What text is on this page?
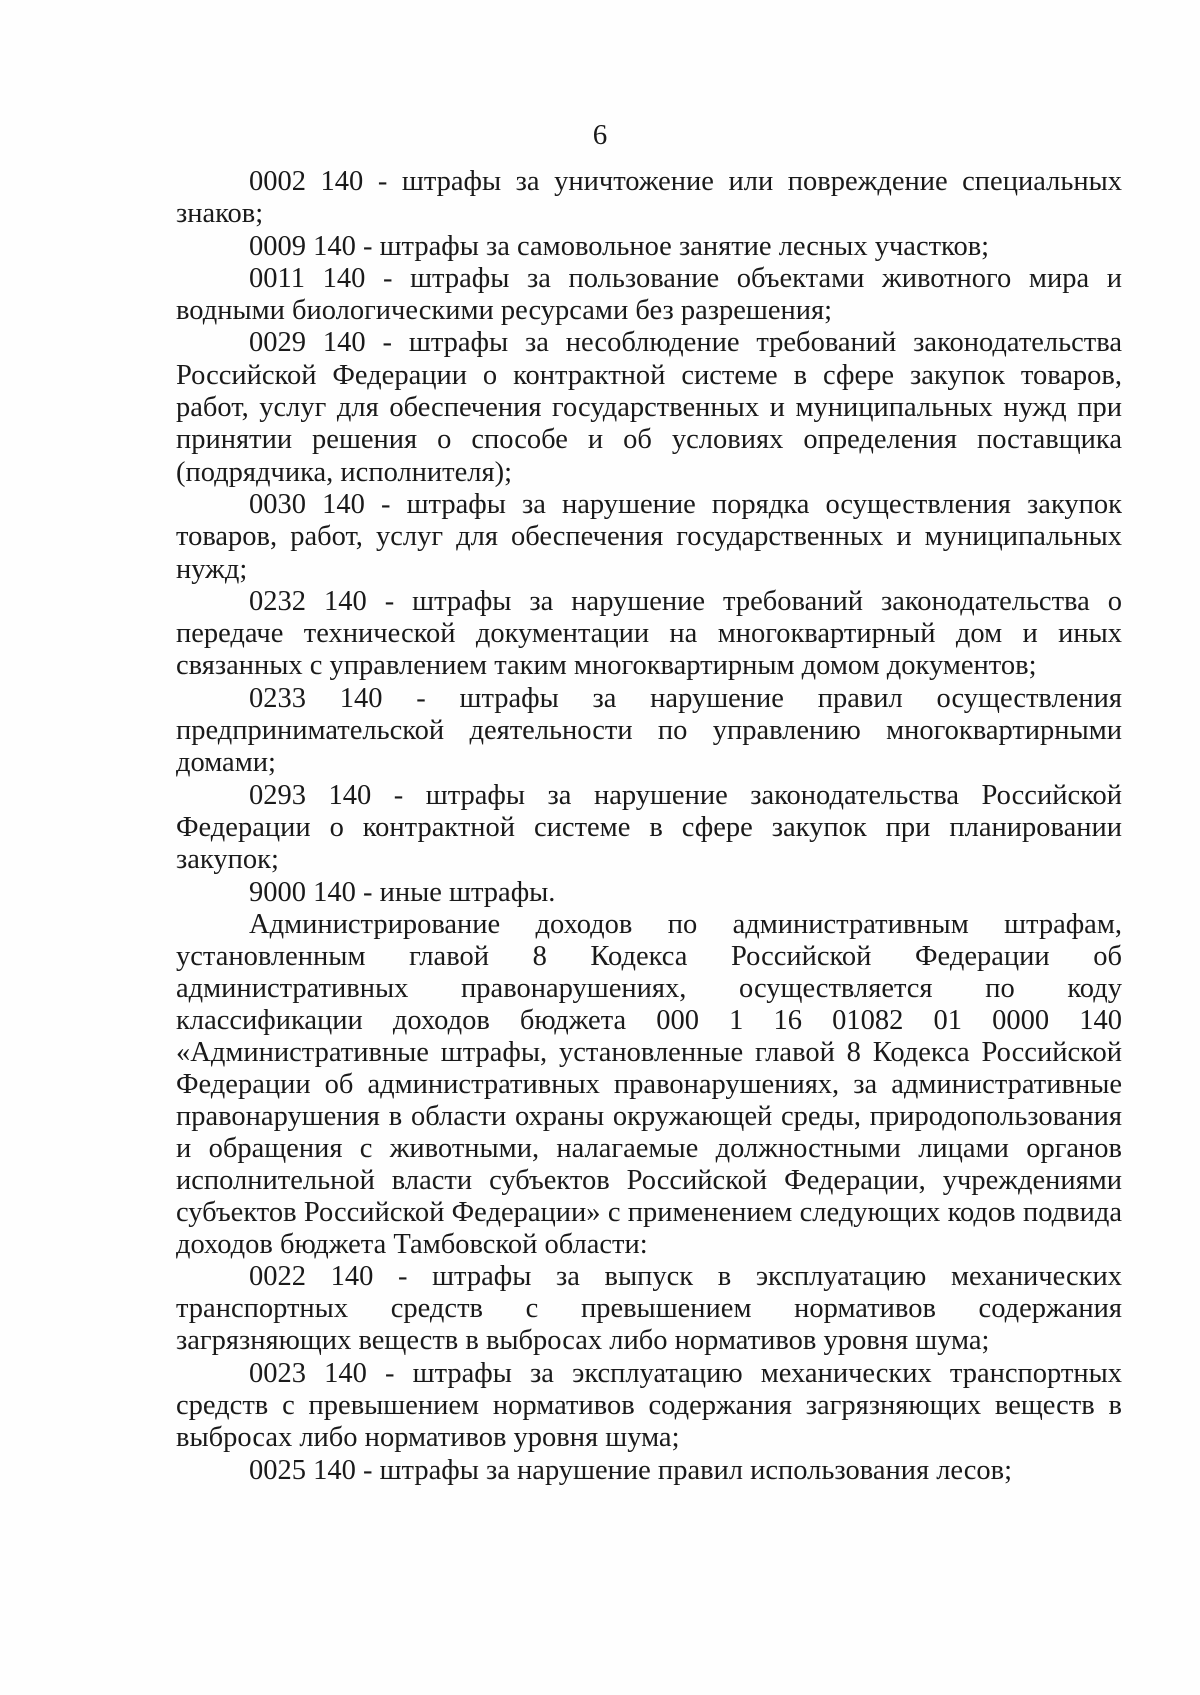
6

0002 140 - штрафы за уничтожение или повреждение специальных знаков;

0009 140 - штрафы за самовольное занятие лесных участков;

0011 140 - штрафы за пользование объектами животного мира и водными биологическими ресурсами без разрешения;

0029 140 - штрафы за несоблюдение требований законодательства Российской Федерации о контрактной системе в сфере закупок товаров, работ, услуг для обеспечения государственных и муниципальных нужд при принятии решения о способе и об условиях определения поставщика (подрядчика, исполнителя);

0030 140 - штрафы за нарушение порядка осуществления закупок товаров, работ, услуг для обеспечения государственных и муниципальных нужд;

0232 140 - штрафы за нарушение требований законодательства о передаче технической документации на многоквартирный дом и иных связанных с управлением таким многоквартирным домом документов;

0233 140 - штрафы за нарушение правил осуществления предпринимательской деятельности по управлению многоквартирными домами;

0293 140 - штрафы за нарушение законодательства Российской Федерации о контрактной системе в сфере закупок при планировании закупок;

9000 140 - иные штрафы.

Администрирование доходов по административным штрафам, установленным главой 8 Кодекса Российской Федерации об административных правонарушениях, осуществляется по коду классификации доходов бюджета 000 1 16 01082 01 0000 140 «Административные штрафы, установленные главой 8 Кодекса Российской Федерации об административных правонарушениях, за административные правонарушения в области охраны окружающей среды, природопользования и обращения с животными, налагаемые должностными лицами органов исполнительной власти субъектов Российской Федерации, учреждениями субъектов Российской Федерации» с применением следующих кодов подвида доходов бюджета Тамбовской области:

0022 140 - штрафы за выпуск в эксплуатацию механических транспортных средств с превышением нормативов содержания загрязняющих веществ в выбросах либо нормативов уровня шума;

0023 140 - штрафы за эксплуатацию механических транспортных средств с превышением нормативов содержания загрязняющих веществ в выбросах либо нормативов уровня шума;

0025 140 - штрафы за нарушение правил использования лесов;
